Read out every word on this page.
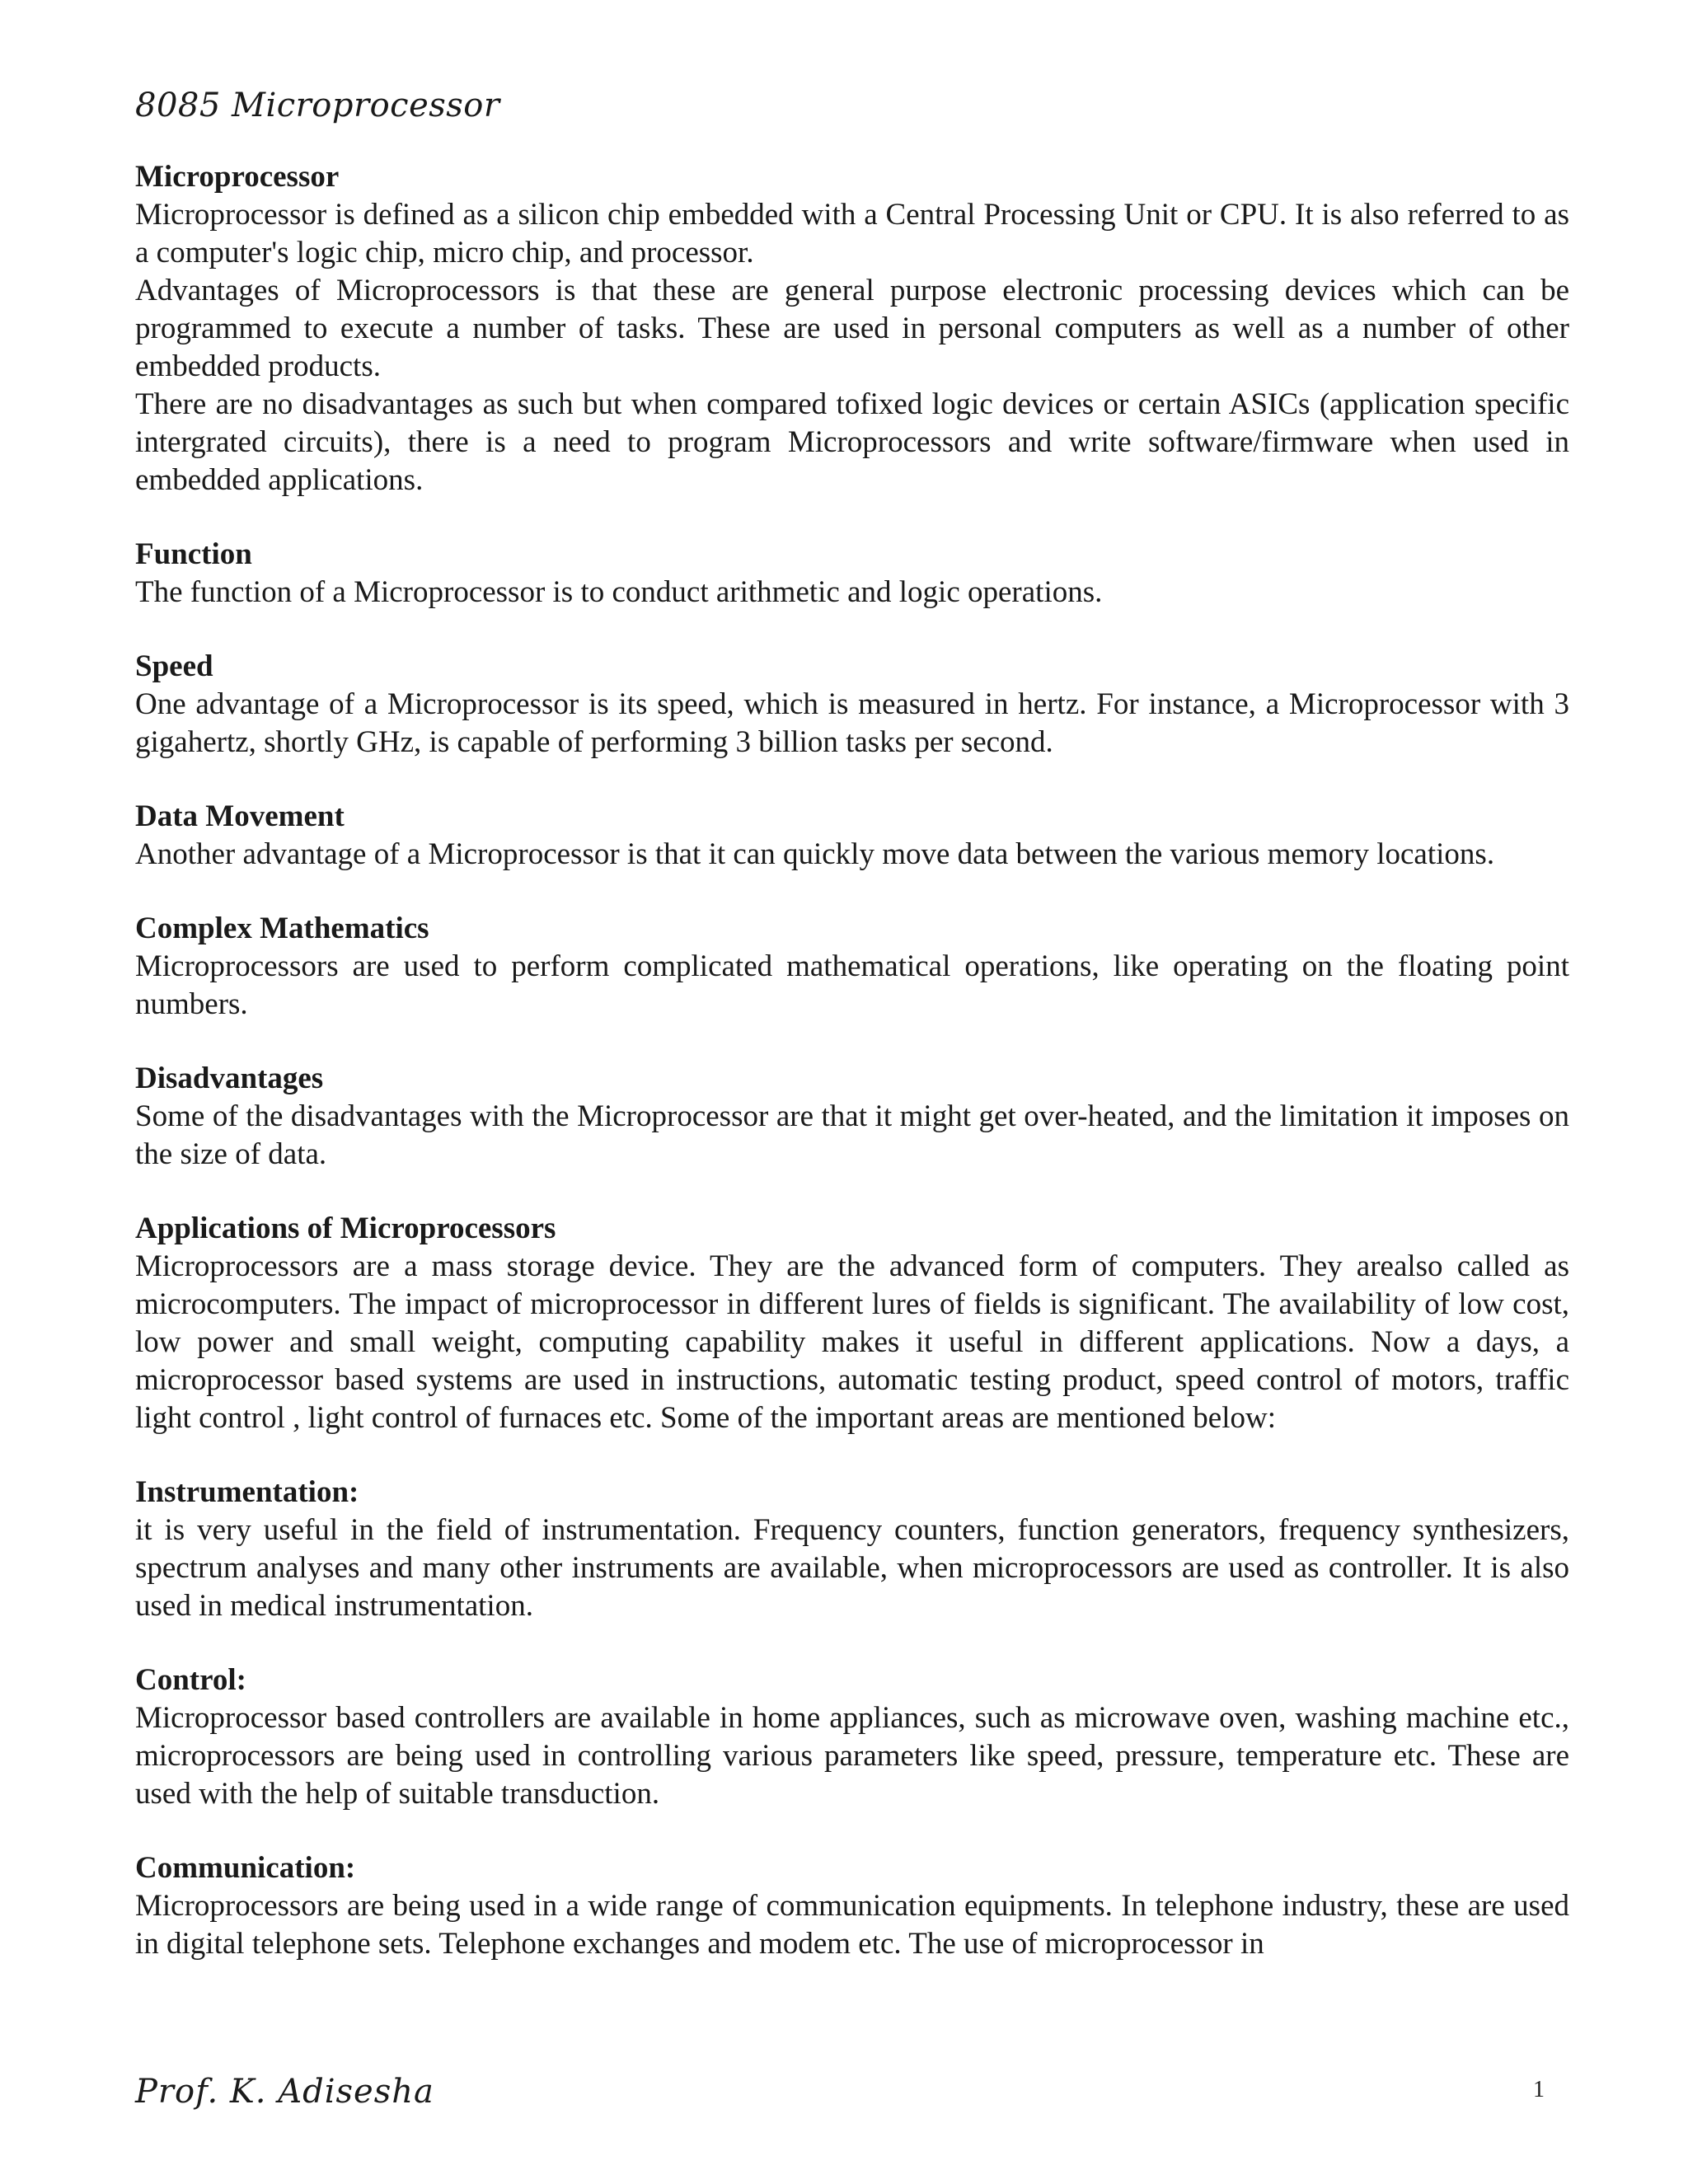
8085 Microprocessor
Microprocessor

Microprocessor is defined as a silicon chip embedded with a Central Processing Unit or CPU. It is also referred to as a computer's logic chip, micro chip, and processor.

Advantages of Microprocessors is that these are general purpose electronic processing devices which can be programmed to execute a number of tasks. These are used in personal computers as well as a number of other embedded products.

There are no disadvantages as such but when compared tofixed logic devices or certain ASICs (application specific intergrated circuits), there is a need to program Microprocessors and write software/firmware when used in embedded applications.

Function

The function of a Microprocessor is to conduct arithmetic and logic operations.

Speed

One advantage of a Microprocessor is its speed, which is measured in hertz. For instance, a Microprocessor with 3 gigahertz, shortly GHz, is capable of performing 3 billion tasks per second.

Data Movement

Another advantage of a Microprocessor is that it can quickly move data between the various memory locations.

Complex Mathematics

Microprocessors are used to perform complicated mathematical operations, like operating on the floating point numbers.

Disadvantages

Some of the disadvantages with the Microprocessor are that it might get over-heated, and the limitation it imposes on the size of data.

Applications of Microprocessors

Microprocessors are a mass storage device. They are the advanced form of computers. They arealso called as microcomputers. The impact of microprocessor in different lures of fields is significant. The availability of low cost, low power and small weight, computing capability makes it useful in different applications. Now a days, a microprocessor based systems are used in instructions, automatic testing product, speed control of motors, traffic light control , light control of furnaces etc. Some of the important areas are mentioned below:

Instrumentation:

it is very useful in the field of instrumentation. Frequency counters, function generators, frequency synthesizers, spectrum analyses and many other instruments are available, when microprocessors are used as controller. It is also used in medical instrumentation.

Control:

Microprocessor based controllers are available in home appliances, such as microwave oven, washing machine etc., microprocessors are being used in controlling various parameters like speed, pressure, temperature etc. These are used with the help of suitable transduction.

Communication:

Microprocessors are being used in a wide range of communication equipments. In telephone industry, these are used in digital telephone sets. Telephone exchanges and modem etc. The use of microprocessor in

Prof. K. Adisesha	1
